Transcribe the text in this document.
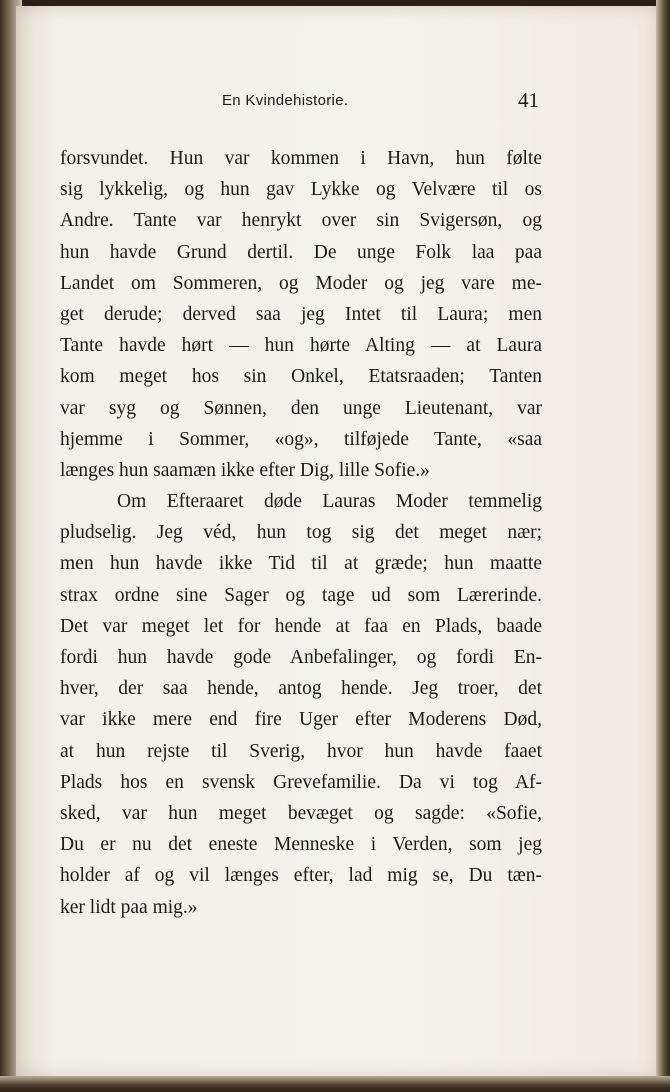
En Kvindehistorie.	41
forsvundet. Hun var kommen i Havn, hun følte
sig lykkelig, og hun gav Lykke og Velvære til os
Andre. Tante var henrykt over sin Svigersøn, og
hun havde Grund dertil. De unge Folk laa paa
Landet om Sommeren, og Moder og jeg vare me-
get derude; derved saa jeg Intet til Laura; men
Tante havde hørt — hun hørte Alting — at Laura
kom meget hos sin Onkel, Etatsraaden; Tanten
var syg og Sønnen, den unge Lieutenant, var
hjemme i Sommer, «og», tilføjede Tante, «saa
længes hun saamæn ikke efter Dig, lille Sofie.»
Om Efteraaret døde Lauras Moder temmelig
pludselig. Jeg véd, hun tog sig det meget nær;
men hun havde ikke Tid til at græde; hun maatte
strax ordne sine Sager og tage ud som Lærerinde.
Det var meget let for hende at faa en Plads, baade
fordi hun havde gode Anbefalinger, og fordi En-
hver, der saa hende, antog hende. Jeg troer, det
var ikke mere end fire Uger efter Moderens Død,
at hun rejste til Sverig, hvor hun havde faaet
Plads hos en svensk Grevefamilie. Da vi tog Af-
sked, var hun meget bevæget og sagde: «Sofie,
Du er nu det eneste Menneske i Verden, som jeg
holder af og vil længes efter, lad mig se, Du tæn-
ker lidt paa mig.»
